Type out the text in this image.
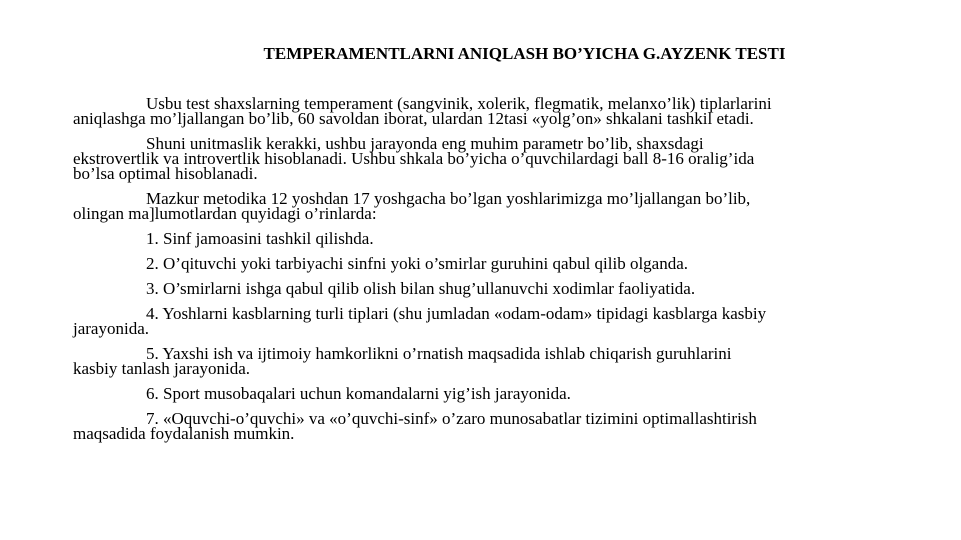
TEMPERAMENTLARNI ANIQLASH BO’YICHA G.AYZENK TESTI

Usbu test shaxslarning temperament (sangvinik, xolerik, flegmatik, melanxo’lik) tiplarlarini
aniqlashga mo’ljallangan bo’lib, 60 savoldan iborat, ulardan 12tasi «yolg’on» shkalani tashkil etadi.

Shuni unitmaslik kerakki, ushbu jarayonda eng muhim parametr bo’lib, shaxsdagi
ekstrovertlik va introvertlik hisoblanadi. Ushbu shkala bo’yicha o’quvchilardagi ball 8-16 oralig’ida
bo’lsa optimal hisoblanadi.

Mazkur metodika 12 yoshdan 17 yoshgacha bo’lgan yoshlarimizga mo’ljallangan bo’lib,
olingan ma]lumotlardan quyidagi o’rinlarda:

1. Sinf jamoasini tashkil qilishda.

2. O’qituvchi yoki tarbiyachi sinfni yoki o’smirlar guruhini qabul qilib olganda.

3. O’smirlarni ishga qabul qilib olish bilan shug’ullanuvchi xodimlar faoliyatida.

4. Yoshlarni kasblarning turli tiplari (shu jumladan «odam-odam» tipidagi kasblarga kasbiy
jarayonida.

5. Yaxshi ish va ijtimoiy hamkorlikni o’rnatish maqsadida ishlab chiqarish guruhlarini
kasbiy tanlash jarayonida.

6. Sport musobaqalari uchun komandalarni yig’ish jarayonida.

7. «Oquvchi-o’quvchi» va «o’quvchi-sinf» o’zaro munosabatlar tizimini optimallashtirish
maqsadida foydalanish mumkin.
